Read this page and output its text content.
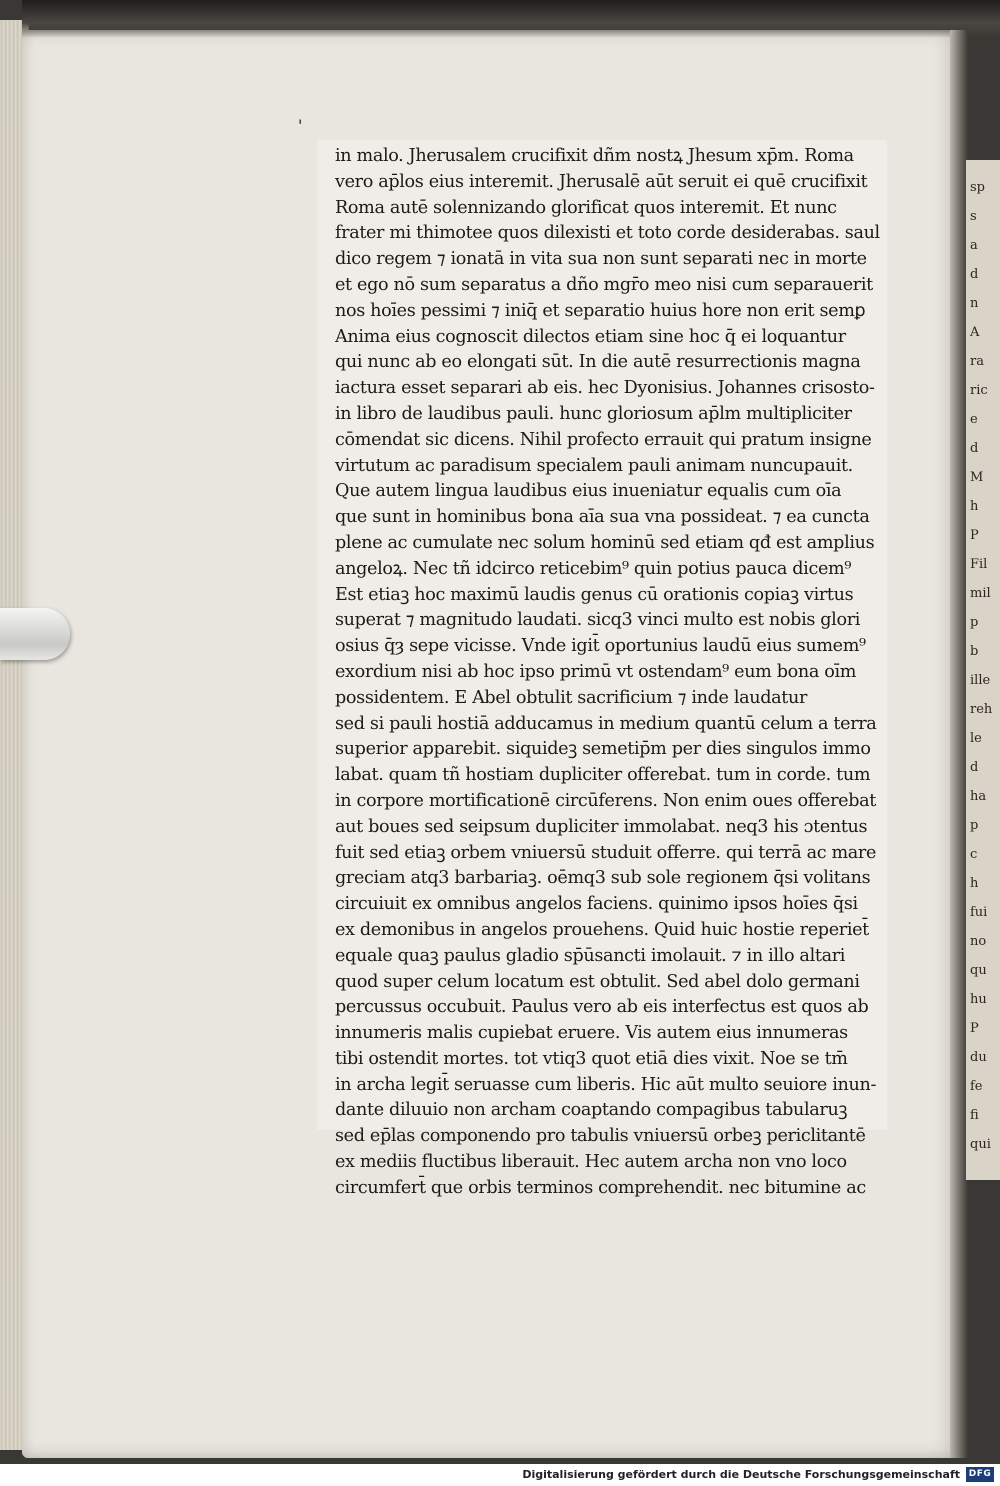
sp
s
a
d
n
A
ra
ric
e
d
M
h
P
Fil
mil
p
b
ille
reh
le
d
ha
p
c
h
fui
no
qu
hu
P
du
fe
fi
qui
in malo. Jherusalem crucifixit dñm nostꝝ Jhesum xp̄m. Roma
vero ap̄los eius interemit. Jherusalē aūt seruit ei quē crucifixit
Roma autē solennizando glorificat quos interemit. Et nunc
frater mi thimotee quos dilexisti et toto corde desiderabas. saul
dico regem ⁊ ionatā in vita sua non sunt separati nec in morte
et ego nō sum separatus a dño mgr̄o meo nisi cum separauerit
nos hoīes pessimi ⁊ iniq̄ et separatio huius hore non erit semꝑ
Anima eius cognoscit dilectos etiam sine hoc q̄ ei loquantur
qui nunc ab eo elongati sūt. In die autē resurrectionis magna
iactura esset separari ab eis. hec Dyonisius. Johannes crisosto-
in libro de laudibus pauli. hunc gloriosum ap̄lm multipliciter
cōmendat sic dicens. Nihil profecto errauit qui pratum insigne
virtutum ac paradisum specialem pauli animam nuncupauit.
Que autem lingua laudibus eius inueniatur equalis cum oīa
que sunt in hominibus bona aīa sua vna possideat. ⁊ ea cuncta
plene ac cumulate nec solum hominū sed etiam qđ est amplius
angeloꝝ. Nec tñ idcirco reticebim⁹ quin potius pauca dicem⁹
Est etiaꝫ hoc maximū laudis genus cū orationis copiaꝫ virtus
superat ⁊ magnitudo laudati. sicq3 vinci multo est nobis glori
osius q̄ȝ sepe vicisse. Vnde igit̄ oportunius laudū eius sumem⁹
exordium nisi ab hoc ipso primū vt ostendam⁹ eum bona oīm
possidentem. E Abel obtulit sacrificium ⁊ inde laudatur
sed si pauli hostiā adducamus in medium quantū celum a terra
superior apparebit. siquideꝫ semetip̄m per dies singulos immo
labat. quam tñ hostiam dupliciter offerebat. tum in corde. tum
in corpore mortificationē circūferens. Non enim oues offerebat
aut boues sed seipsum dupliciter immolabat. neq3 his ɔtentus
fuit sed etiaꝫ orbem vniuersū studuit offerre. qui terrā ac mare
greciam atq3 barbariaꝫ. oēmq3 sub sole regionem q̄si volitans
circuiuit ex omnibus angelos faciens. quinimo ipsos hoīes q̄si
ex demonibus in angelos prouehens. Quid huic hostie reperiet̄
equale quaꝫ paulus gladio sp̄ūsancti imolauit. ⁊ in illo altari
quod super celum locatum est obtulit. Sed abel dolo germani
percussus occubuit. Paulus vero ab eis interfectus est quos ab
innumeris malis cupiebat eruere. Vis autem eius innumeras
tibi ostendit mortes. tot vtiq3 quot etiā dies vixit. Noe se tm̄
in archa legit̄ seruasse cum liberis. Hic aūt multo seuiore inun-
dante diluuio non archam coaptando compagibus tabularuꝫ
sed ep̄las componendo pro tabulis vniuersū orbeꝫ periclitantē
ex mediis fluctibus liberauit. Hec autem archa non vno loco
circumfert̄ que orbis terminos comprehendit. nec bitumine ac
'
Digitalisierung gefördert durch die Deutsche Forschungsgemeinschaft DFG
